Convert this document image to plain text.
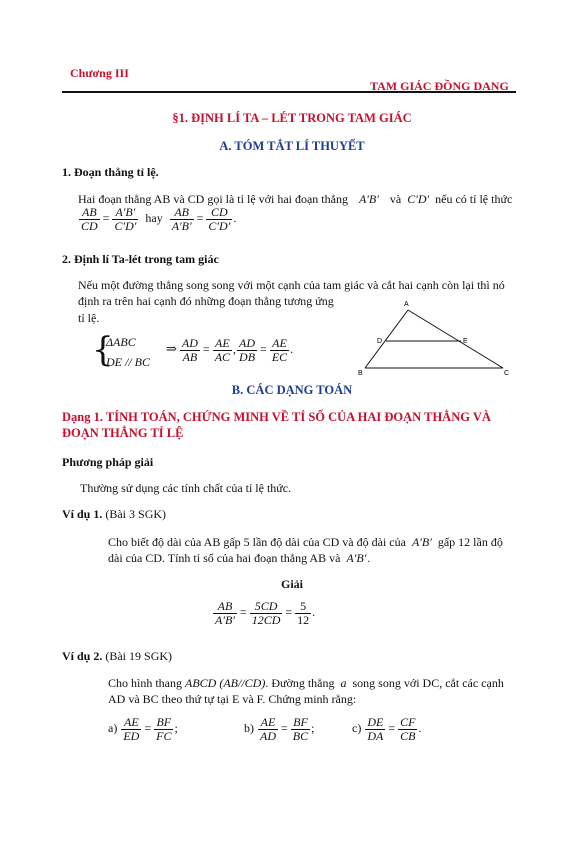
Chương III
TAM GIÁC ĐỒNG DẠNG
§1. ĐỊNH LÍ TA – LÉT TRONG TAM GIÁC
A. TÓM TẮT LÍ THUYẾT
1. Đoạn thẳng tỉ lệ.
Hai đoạn thẳng AB và CD gọi là tỉ lệ với hai đoạn thẳng A′B′ và C′D′ nếu có tỉ lệ thức
$\frac{AB}{CD} = \frac{A'B'}{C'D'}$ hay $\frac{AB}{A'B'} = \frac{CD}{C'D'}$ .
2. Định lí Ta-lét trong tam giác
Nếu một đường thẳng song song với một cạnh của tam giác và cắt hai cạnh còn lại thì nó
định ra trên hai cạnh đó những đoạn thẳng tương ứng
tỉ lệ.
{
ΔABC
DE // BC
⇒ $\frac{AD}{AB} = \frac{AE}{AC}$ , $\frac{AD}{DB} = \frac{AE}{EC}$ .
A
B	C
D	E
B. CÁC DẠNG TOÁN
Dạng 1. TÍNH TOÁN, CHỨNG MINH VỀ TỈ SỐ CỦA HAI ĐOẠN THẲNG VÀ
ĐOẠN THẲNG TỈ LỆ
Phương pháp giải
Thường sử dụng các tính chất của tỉ lệ thức.
Ví dụ 1. (Bài 3 SGK)
Cho biết độ dài của AB gấp 5 lần độ dài của CD và độ dài của A′B′ gấp 12 lần độ
dài của CD. Tính tỉ số của hai đoạn thẳng AB và A′B′.
Giải
$\frac{AB}{A'B'} = \frac{5CD}{12CD} = \frac{5}{12}$ .
Ví dụ 2. (Bài 19 SGK)
Cho hình thang ABCD (AB//CD). Đường thẳng a song song với DC, cắt các cạnh
AD và BC theo thứ tự tại E và F. Chứng minh rằng:
$a) \frac{AE}{ED} = \frac{BF}{FC}$ ;	$b) \frac{AE}{AD} = \frac{BF}{BC}$ ;	$c) \frac{DE}{DA} = \frac{CF}{CB}$ .
